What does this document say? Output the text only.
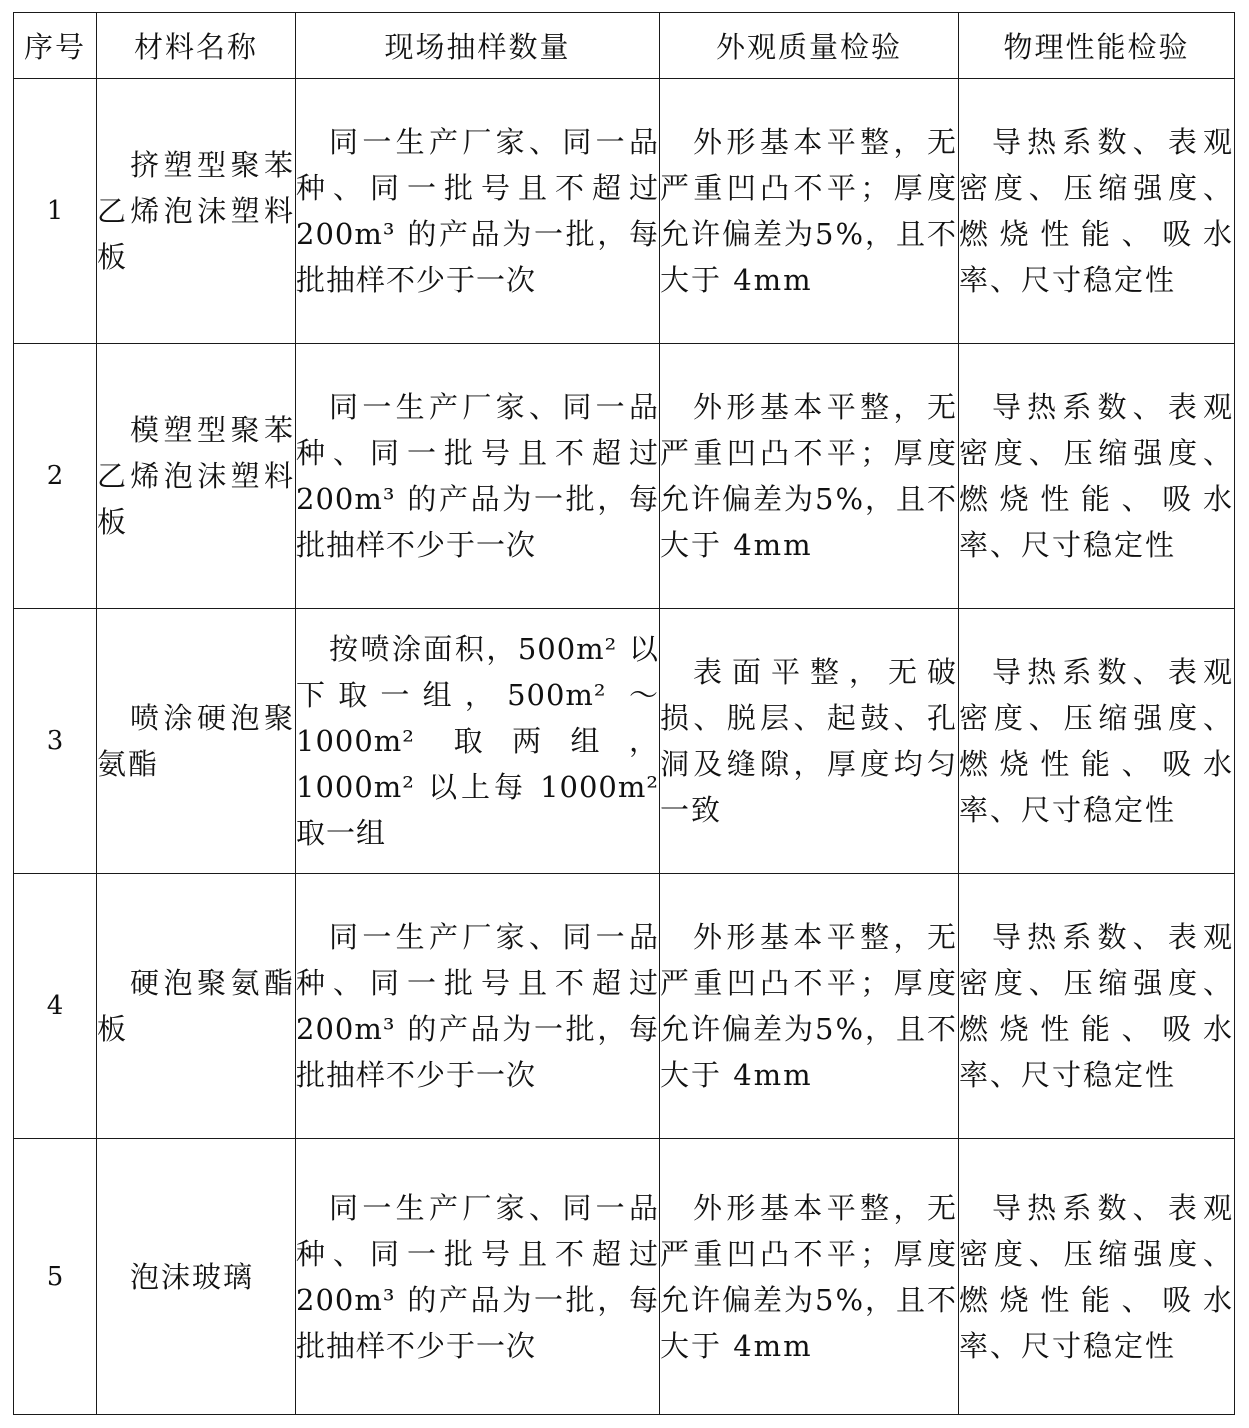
序号	材料名称	现场抽样数量	外观质量检验	物理性能检验
1	挤塑型聚苯乙烯泡沫塑料板	同一生产厂家、同一品种、同一批号且不超过 200m³ 的产品为一批，每批抽样不少于一次	外形基本平整，无严重凹凸不平；厚度允许偏差为5%，且不大于 4mm	导热系数、表观密度、压缩强度、燃烧性能、吸水率、尺寸稳定性
2	模塑型聚苯乙烯泡沫塑料板	同一生产厂家、同一品种、同一批号且不超过 200m³ 的产品为一批，每批抽样不少于一次	外形基本平整，无严重凹凸不平；厚度允许偏差为5%，且不大于 4mm	导热系数、表观密度、压缩强度、燃烧性能、吸水率、尺寸稳定性
3	喷涂硬泡聚氨酯	按喷涂面积，500m² 以下取一组，500m² ～ 1000m² 取两组，1000m² 以上每 1000m² 取一组	表面平整，无破损、脱层、起鼓、孔洞及缝隙，厚度均匀一致	导热系数、表观密度、压缩强度、燃烧性能、吸水率、尺寸稳定性
4	硬泡聚氨酯板	同一生产厂家、同一品种、同一批号且不超过 200m³ 的产品为一批，每批抽样不少于一次	外形基本平整，无严重凹凸不平；厚度允许偏差为5%，且不大于 4mm	导热系数、表观密度、压缩强度、燃烧性能、吸水率、尺寸稳定性
5	泡沫玻璃	同一生产厂家、同一品种、同一批号且不超过 200m³ 的产品为一批，每批抽样不少于一次	外形基本平整，无严重凹凸不平；厚度允许偏差为5%，且不大于 4mm	导热系数、表观密度、压缩强度、燃烧性能、吸水率、尺寸稳定性
